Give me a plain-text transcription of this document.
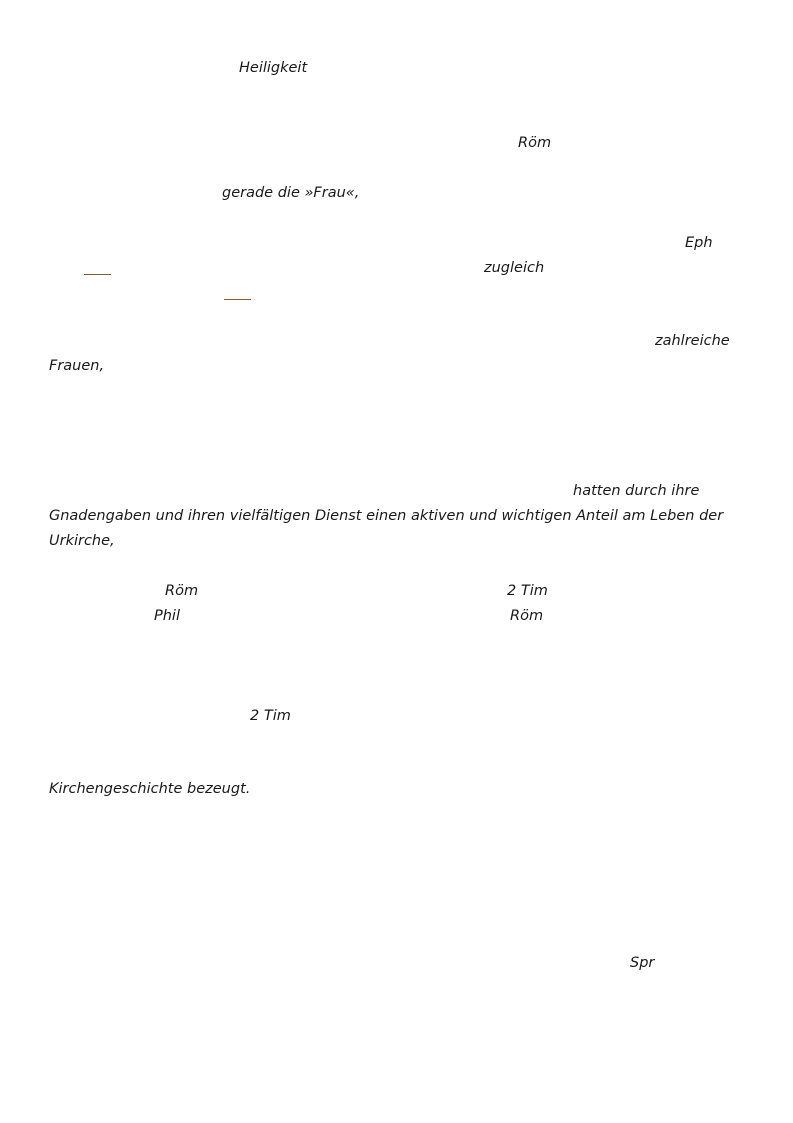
Heiligkeit
Röm
gerade die »Frau«,
Eph
zugleich
zahlreiche
Frauen,
hatten durch ihre
Gnadengaben und ihren vielfältigen Dienst einen aktiven und wichtigen Anteil am Leben der
Urkirche,
Röm	2 Tim
Phil	Röm
2 Tim
Kirchengeschichte bezeugt.
Spr
